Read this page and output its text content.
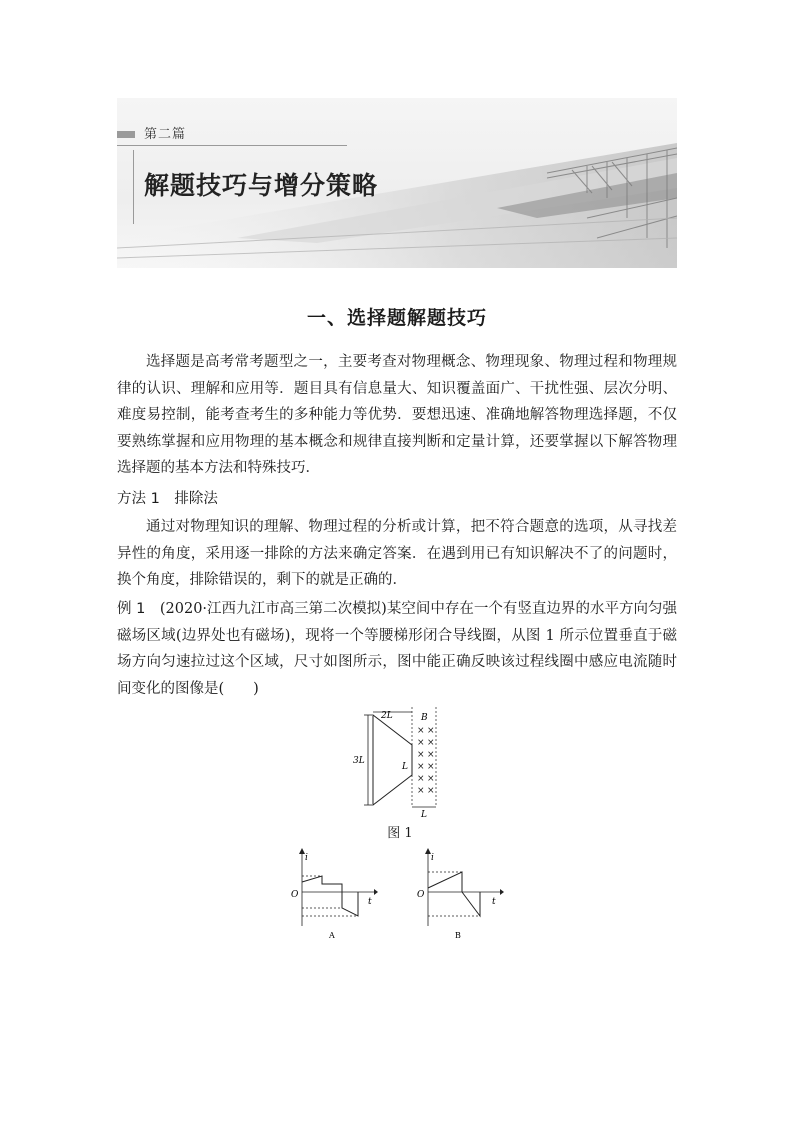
第二篇
解题技巧与增分策略
一、选择题解题技巧

选择题是高考常考题型之一，主要考查对物理概念、物理现象、物理过程和物理规律的认识、理解和应用等．题目具有信息量大、知识覆盖面广、干扰性强、层次分明、难度易控制，能考查考生的多种能力等优势．要想迅速、准确地解答物理选择题，不仅要熟练掌握和应用物理的基本概念和规律直接判断和定量计算，还要掌握以下解答物理选择题的基本方法和特殊技巧．

方法 1　排除法

通过对物理知识的理解、物理过程的分析或计算，把不符合题意的选项，从寻找差异性的角度，采用逐一排除的方法来确定答案．在遇到用已有知识解决不了的问题时，换个角度，排除错误的，剩下的就是正确的．

例 1　(2020·江西九江市高三第二次模拟)某空间中存在一个有竖直边界的水平方向匀强磁场区域(边界处也有磁场)，现将一个等腰梯形闭合导线圈，从图 1 所示位置垂直于磁场方向匀速拉过这个区域，尺寸如图所示，图中能正确反映该过程线圈中感应电流随时间变化的图像是(　　)

2L	B
3L
L
L
× ×
× ×
× ×
× ×
× ×
× ×
图 1
i
t
O
A
i
t
O
B
